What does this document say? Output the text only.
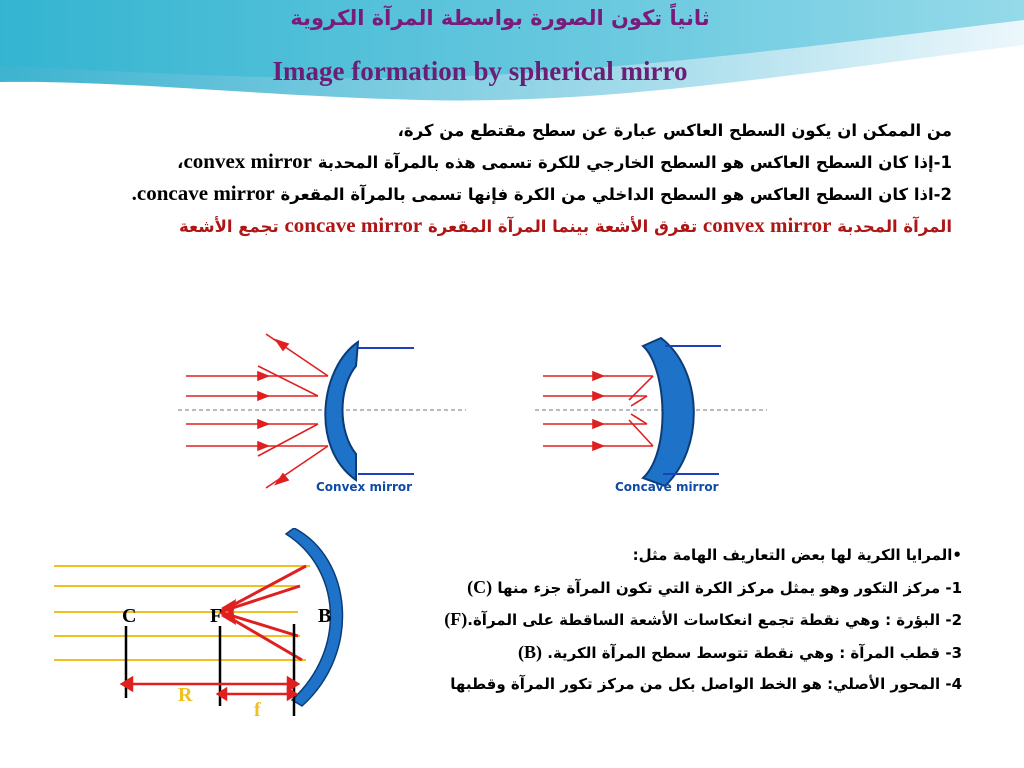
ثانياً تكون الصورة بواسطة المرآة الكروية
Image formation by spherical mirro
من الممكن ان يكون السطح العاكس عبارة عن سطح مقتطع من كرة،
1-إذا كان السطح العاكس هو السطح الخارجي للكرة تسمى هذه بالمرآة المحدبة convex mirror،
2-اذا كان السطح العاكس هو السطح الداخلي من الكرة فإنها تسمى بالمرآة المقعرة concave mirror.
المرآة المحدبة convex mirror تفرق الأشعة بينما المرآة المقعرة concave mirror تجمع الأشعة
Convex mirror	Concave mirror
C	F	B
R
f
•المرايا الكرية لها بعض التعاريف الهامة مثل:
1- مركز التكور وهو يمثل مركز الكرة التي تكون المرآة جزء منها (C)
2- البؤرة : وهي نقطة تجمع انعكاسات الأشعة الساقطة على المرآة.(F)
3- قطب المرآة : وهي نقطة تتوسط سطح المرآة الكرية. (B)
4- المحور الأصلي: هو الخط الواصل بكل من مركز تكور المرآة وقطبها
